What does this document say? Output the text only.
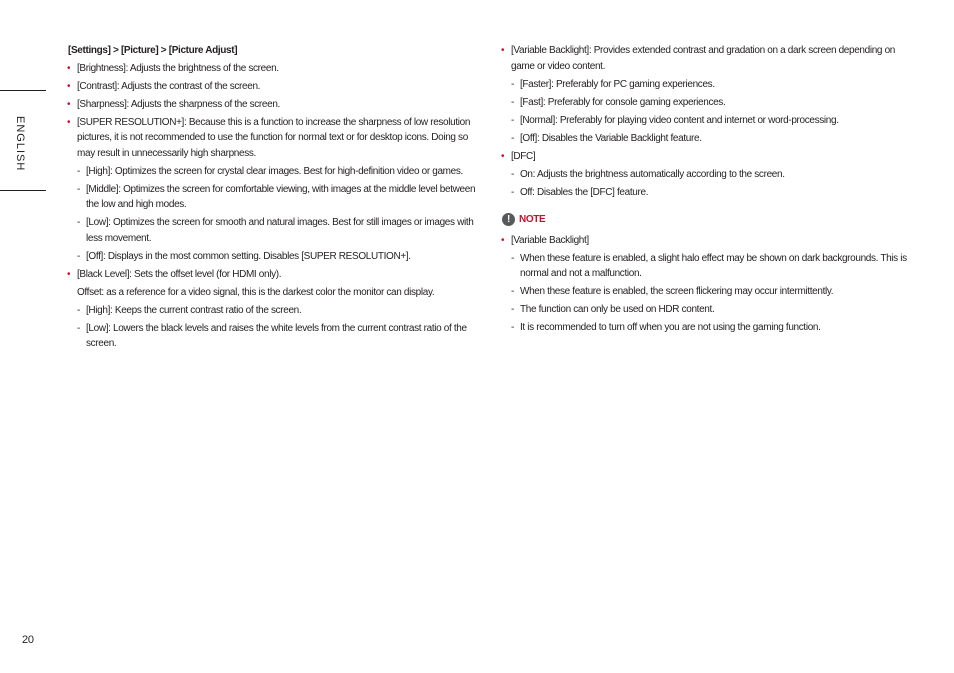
ENGLISH
[Settings] > [Picture] > [Picture Adjust]
• [Brightness]: Adjusts the brightness of the screen.
• [Contrast]: Adjusts the contrast of the screen.
• [Sharpness]: Adjusts the sharpness of the screen.
• [SUPER RESOLUTION+]: Because this is a function to increase the sharpness of low resolution pictures, it is not recommended to use the function for normal text or for desktop icons. Doing so may result in unnecessarily high sharpness.
- [High]: Optimizes the screen for crystal clear images. Best for high-definition video or games.
- [Middle]: Optimizes the screen for comfortable viewing, with images at the middle level between the low and high modes.
- [Low]: Optimizes the screen for smooth and natural images. Best for still images or images with less movement.
- [Off]: Displays in the most common setting. Disables [SUPER RESOLUTION+].
• [Black Level]: Sets the offset level (for HDMI only).
Offset: as a reference for a video signal, this is the darkest color the monitor can display.
- [High]: Keeps the current contrast ratio of the screen.
- [Low]: Lowers the black levels and raises the white levels from the current contrast ratio of the screen.
• [Variable Backlight]: Provides extended contrast and gradation on a dark screen depending on game or video content.
- [Faster]: Preferably for PC gaming experiences.
- [Fast]: Preferably for console gaming experiences.
- [Normal]: Preferably for playing video content and internet or word-processing.
- [Off]: Disables the Variable Backlight feature.
• [DFC]
- On: Adjusts the brightness automatically according to the screen.
- Off: Disables the [DFC] feature.
! NOTE
• [Variable Backlight]
- When these feature is enabled, a slight halo effect may be shown on dark backgrounds. This is normal and not a malfunction.
- When these feature is enabled, the screen flickering may occur intermittently.
- The function can only be used on HDR content.
- It is recommended to turn off when you are not using the gaming function.
20
